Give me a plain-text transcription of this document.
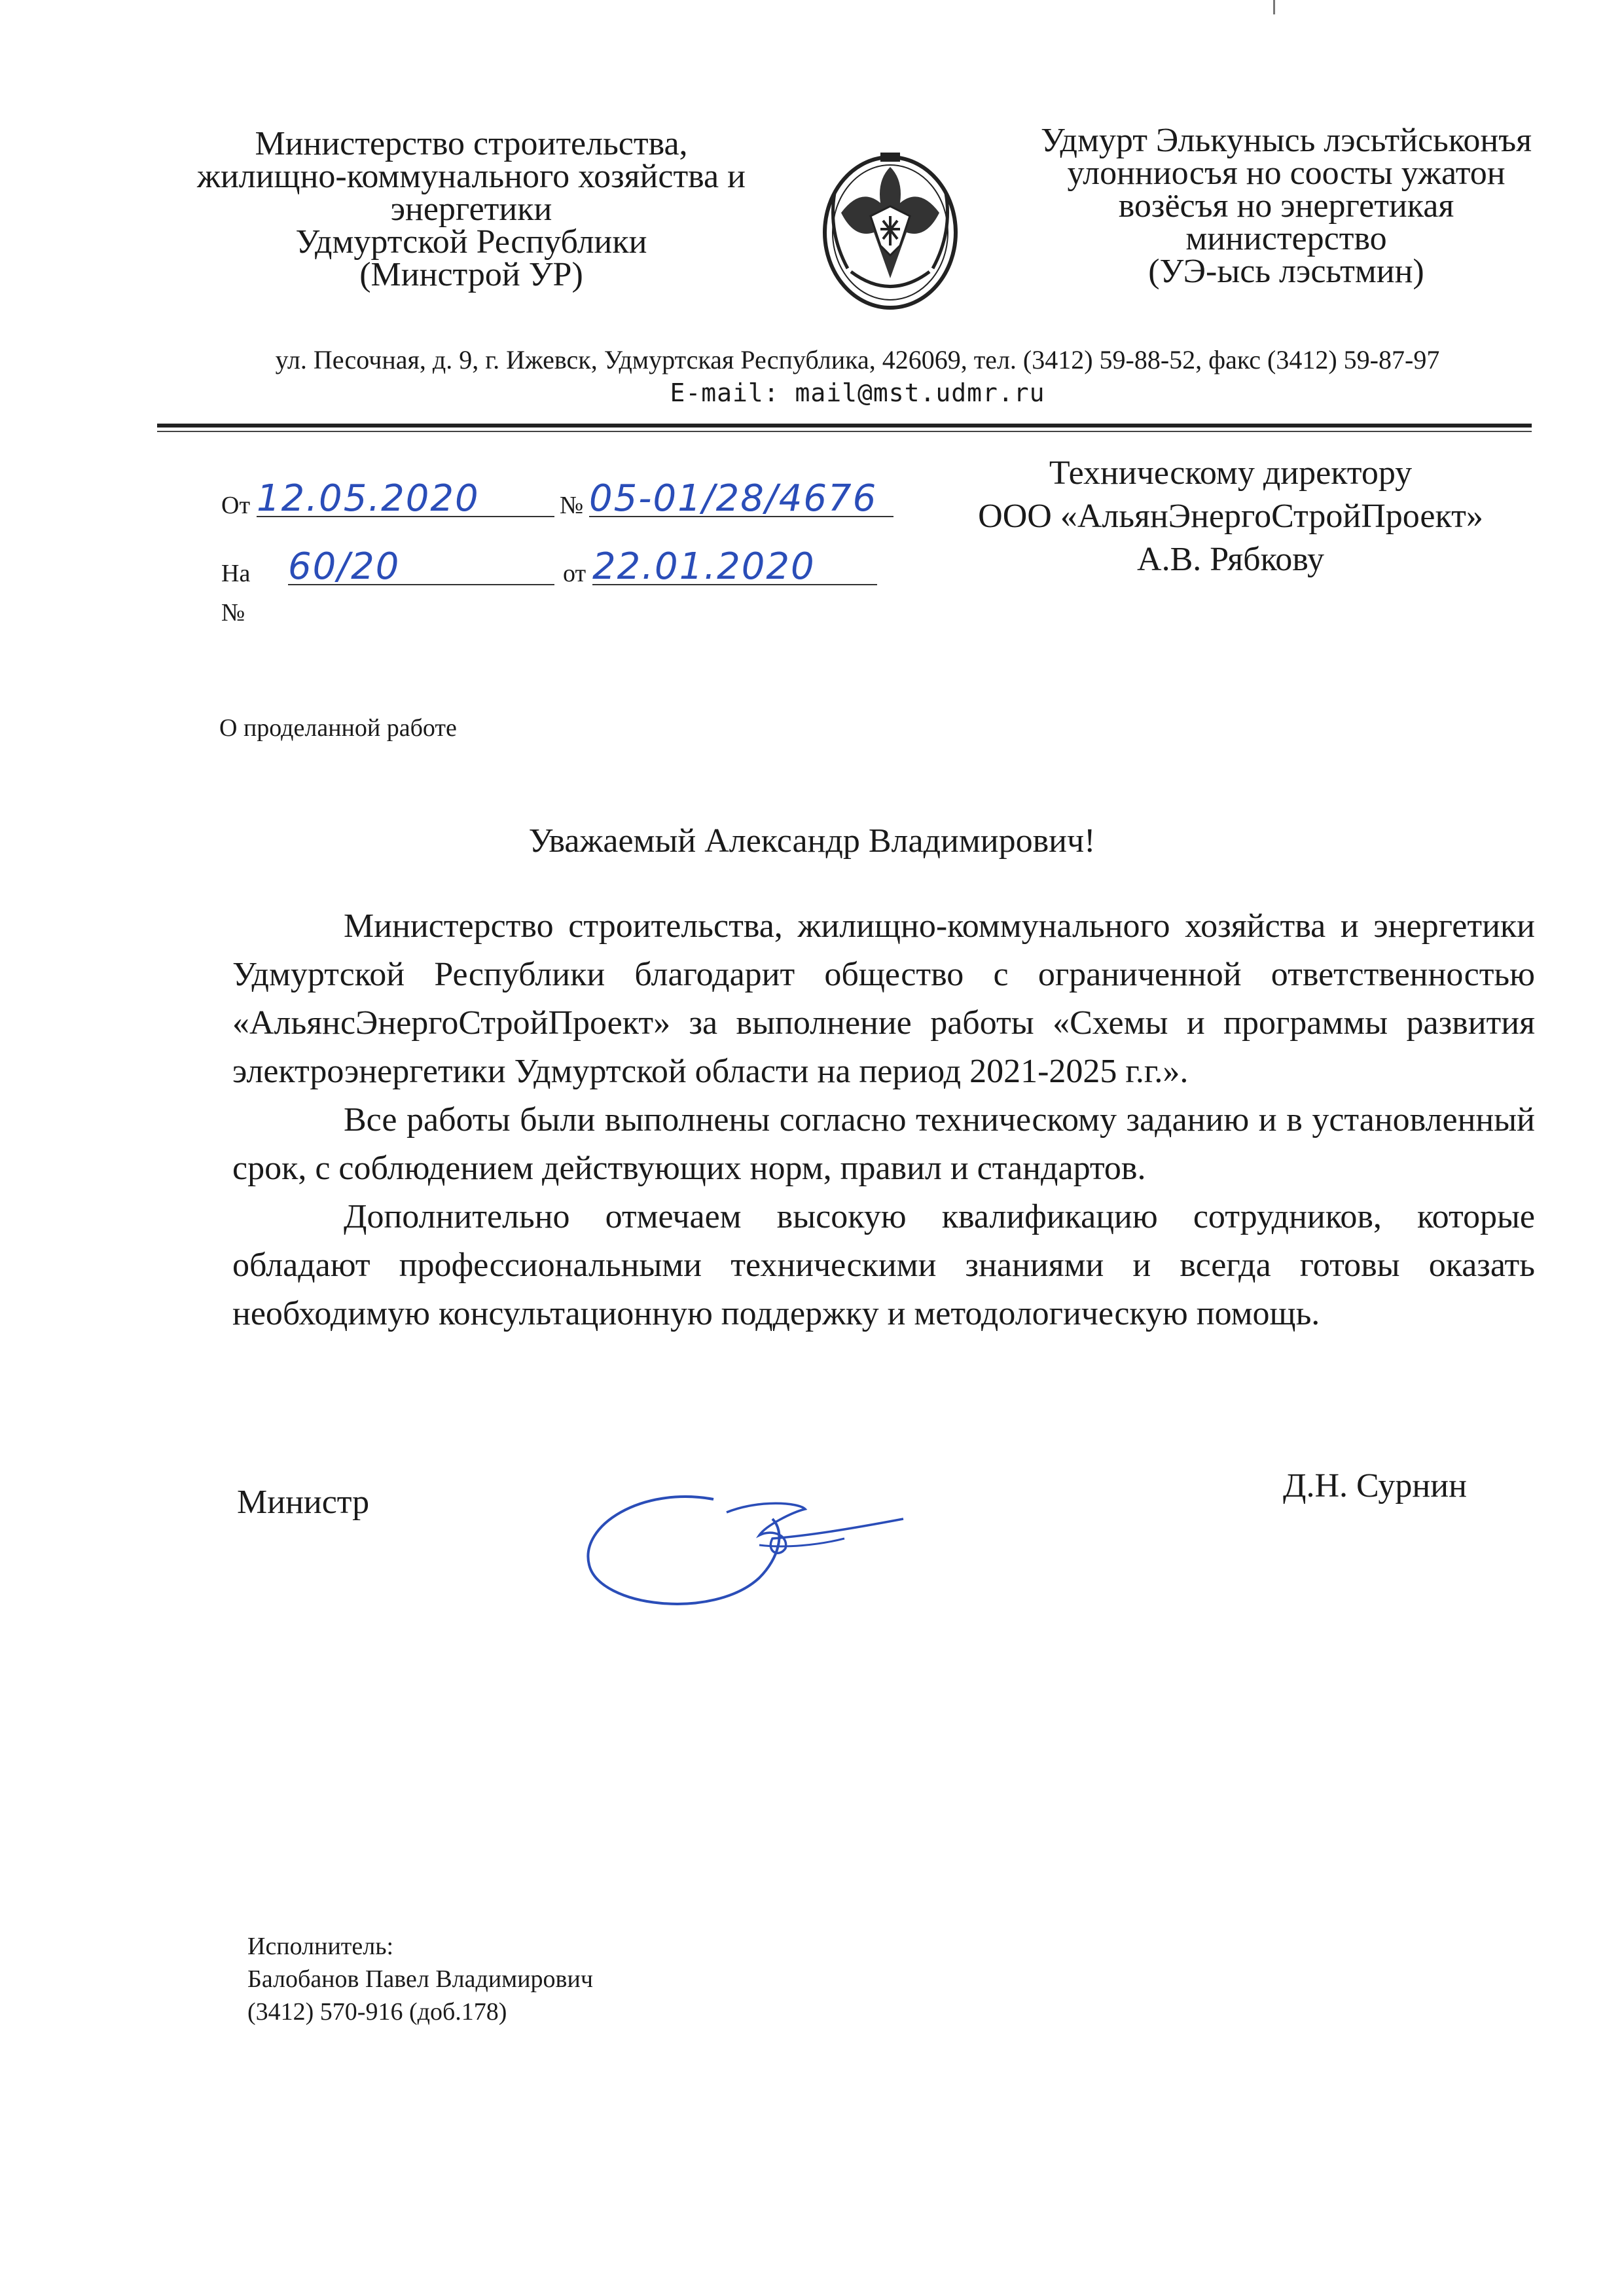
Министерство строительства,
жилищно-коммунального хозяйства и
энергетики
Удмуртской Республики
(Минстрой УР)
Удмурт Элькунысь лэсьтйськонъя
улонниосъя но соосты ужатон
возёсъя но энергетикая
министерство
(УЭ-ысь лэсьтмин)
ул. Песочная, д. 9, г. Ижевск, Удмуртская Республика, 426069, тел. (3412) 59-88-52, факс (3412) 59-87-97
E-mail: mail@mst.udmr.ru
От 12.05.2020	№ 05-01/28/4676
На №
60/20	от 22.01.2020
Техническому директору
ООО «АльянЭнергоСтройПроект»
А.В. Рябкову
О проделанной работе
Уважаемый Александр Владимирович!

Министерство строительства, жилищно-коммунального хозяйства и энергетики Удмуртской Республики благодарит общество с ограниченной ответственностью «АльянсЭнергоСтройПроект» за выполнение работы «Схемы и программы развития электроэнергетики Удмуртской области на период 2021-2025 г.г.».

Все работы были выполнены согласно техническому заданию и в установленный срок, с соблюдением действующих норм, правил и стандартов.

Дополнительно отмечаем высокую квалификацию сотрудников, которые обладают профессиональными техническими знаниями и всегда готовы оказать необходимую консультационную поддержку и методологическую помощь.

Министр	Д.Н. Сурнин
Исполнитель:
Балобанов Павел Владимирович
(3412) 570-916 (доб.178)
